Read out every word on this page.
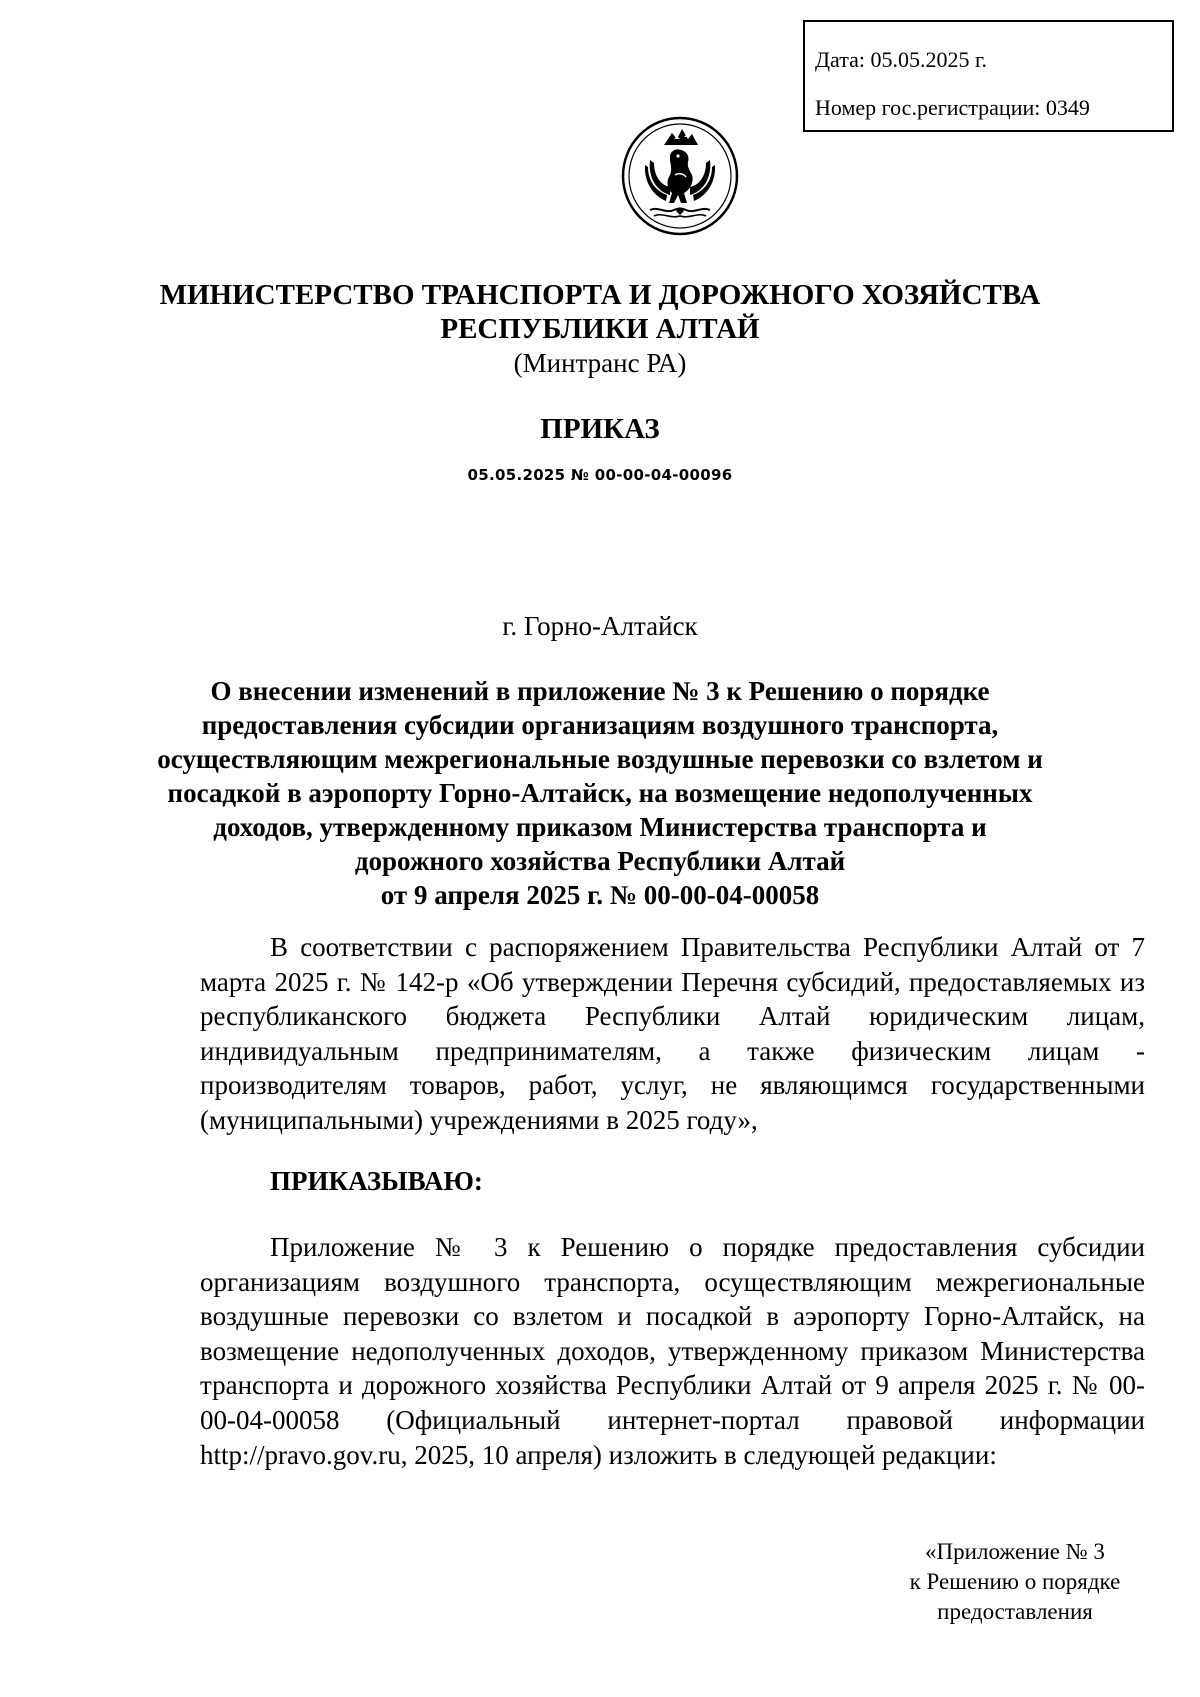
Дата: 05.05.2025 г.
Номер гос.регистрации: 0349
МИНИСТЕРСТВО ТРАНСПОРТА И ДОРОЖНОГО ХОЗЯЙСТВА
РЕСПУБЛИКИ АЛТАЙ
(Минтранс РА)
ПРИКАЗ
05.05.2025 № 00-00-04-00096
г. Горно-Алтайск
О внесении изменений в приложение № 3 к Решению о порядке
предоставления субсидии организациям воздушного транспорта,
осуществляющим межрегиональные воздушные перевозки со взлетом и
посадкой в аэропорту Горно-Алтайск, на возмещение недополученных
доходов, утвержденному приказом Министерства транспорта и
дорожного хозяйства Республики Алтай
от 9 апреля 2025 г. № 00-00-04-00058
В соответствии с распоряжением Правительства Республики Алтай от 7 марта 2025 г. № 142-р «Об утверждении Перечня субсидий, предоставляемых из республиканского бюджета Республики Алтай юридическим лицам, индивидуальным предпринимателям, а также физическим лицам - производителям товаров, работ, услуг, не являющимся государственными (муниципальными) учреждениями в 2025 году»,
ПРИКАЗЫВАЮ:
Приложение № 3 к Решению о порядке предоставления субсидии организациям воздушного транспорта, осуществляющим межрегиональные воздушные перевозки со взлетом и посадкой в аэропорту Горно-Алтайск, на возмещение недополученных доходов, утвержденному приказом Министерства транспорта и дорожного хозяйства Республики Алтай от 9 апреля 2025 г. № 00-00-04-00058 (Официальный интернет-портал правовой информации http://pravo.gov.ru, 2025, 10 апреля) изложить в следующей редакции:
«Приложение № 3
к Решению о порядке
предоставления
